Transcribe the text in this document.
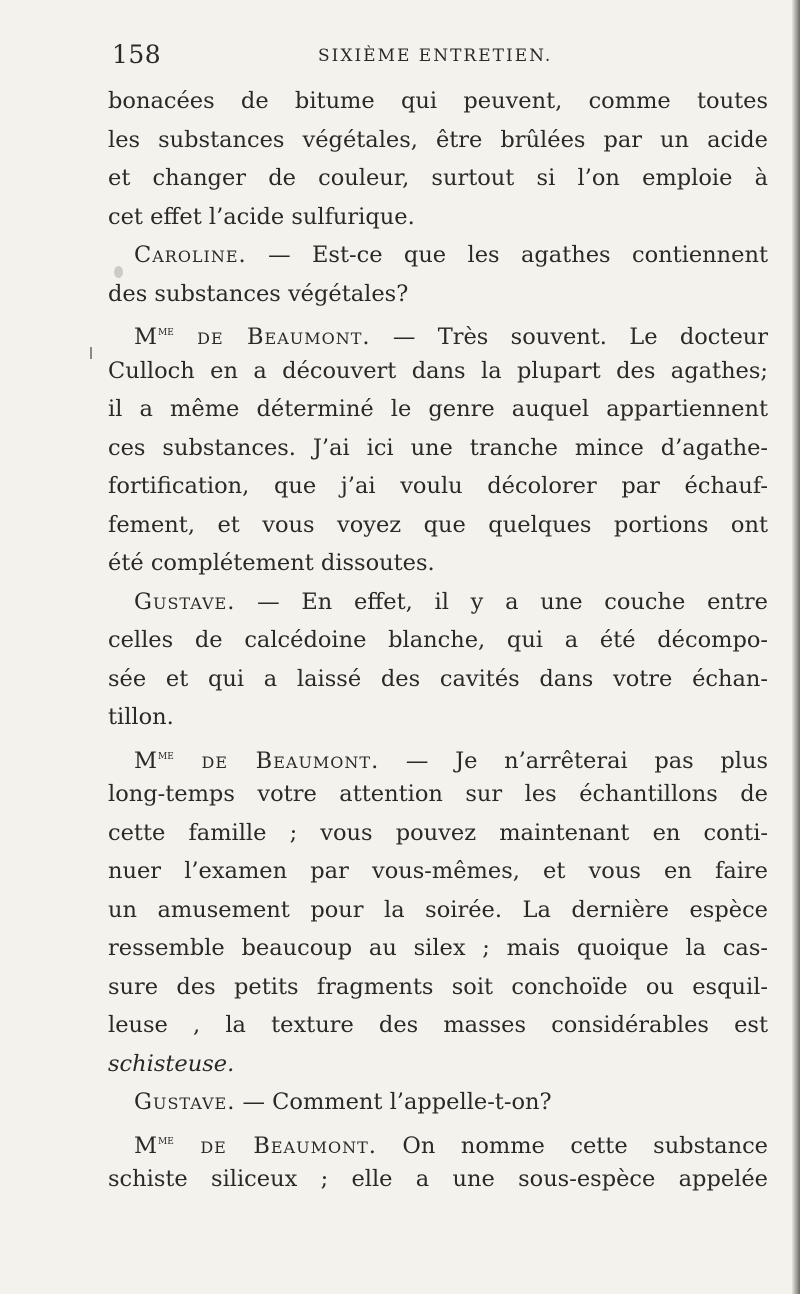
158	SIXIÈME ENTRETIEN.
bonacées de bitume qui peuvent, comme toutes
les substances végétales, être brûlées par un acide
et changer de couleur, surtout si l’on emploie à
cet effet l’acide sulfurique.
Caroline. — Est-ce que les agathes contiennent
des substances végétales?
$M^{me}$ de Beaumont. — Très souvent. Le docteur
Culloch en a découvert dans la plupart des agathes;
il a même déterminé le genre auquel appartiennent
ces substances. J’ai ici une tranche mince d’agathe-
fortification, que j’ai voulu décolorer par échauf-
fement, et vous voyez que quelques portions ont
été complétement dissoutes.
Gustave. — En effet, il y a une couche entre
celles de calcédoine blanche, qui a été décompo-
sée et qui a laissé des cavités dans votre échan-
tillon.
$M^{me}$ de Beaumont. — Je n’arrêterai pas plus
long-temps votre attention sur les échantillons de
cette famille ; vous pouvez maintenant en conti-
nuer l’examen par vous-mêmes, et vous en faire
un amusement pour la soirée. La dernière espèce
ressemble beaucoup au silex ; mais quoique la cas-
sure des petits fragments soit conchoïde ou esquil-
leuse , la texture des masses considérables est
schisteuse.
Gustave. — Comment l’appelle-t-on?
$M^{me}$ de Beaumont. On nomme cette substance
schiste siliceux ; elle a une sous-espèce appelée
